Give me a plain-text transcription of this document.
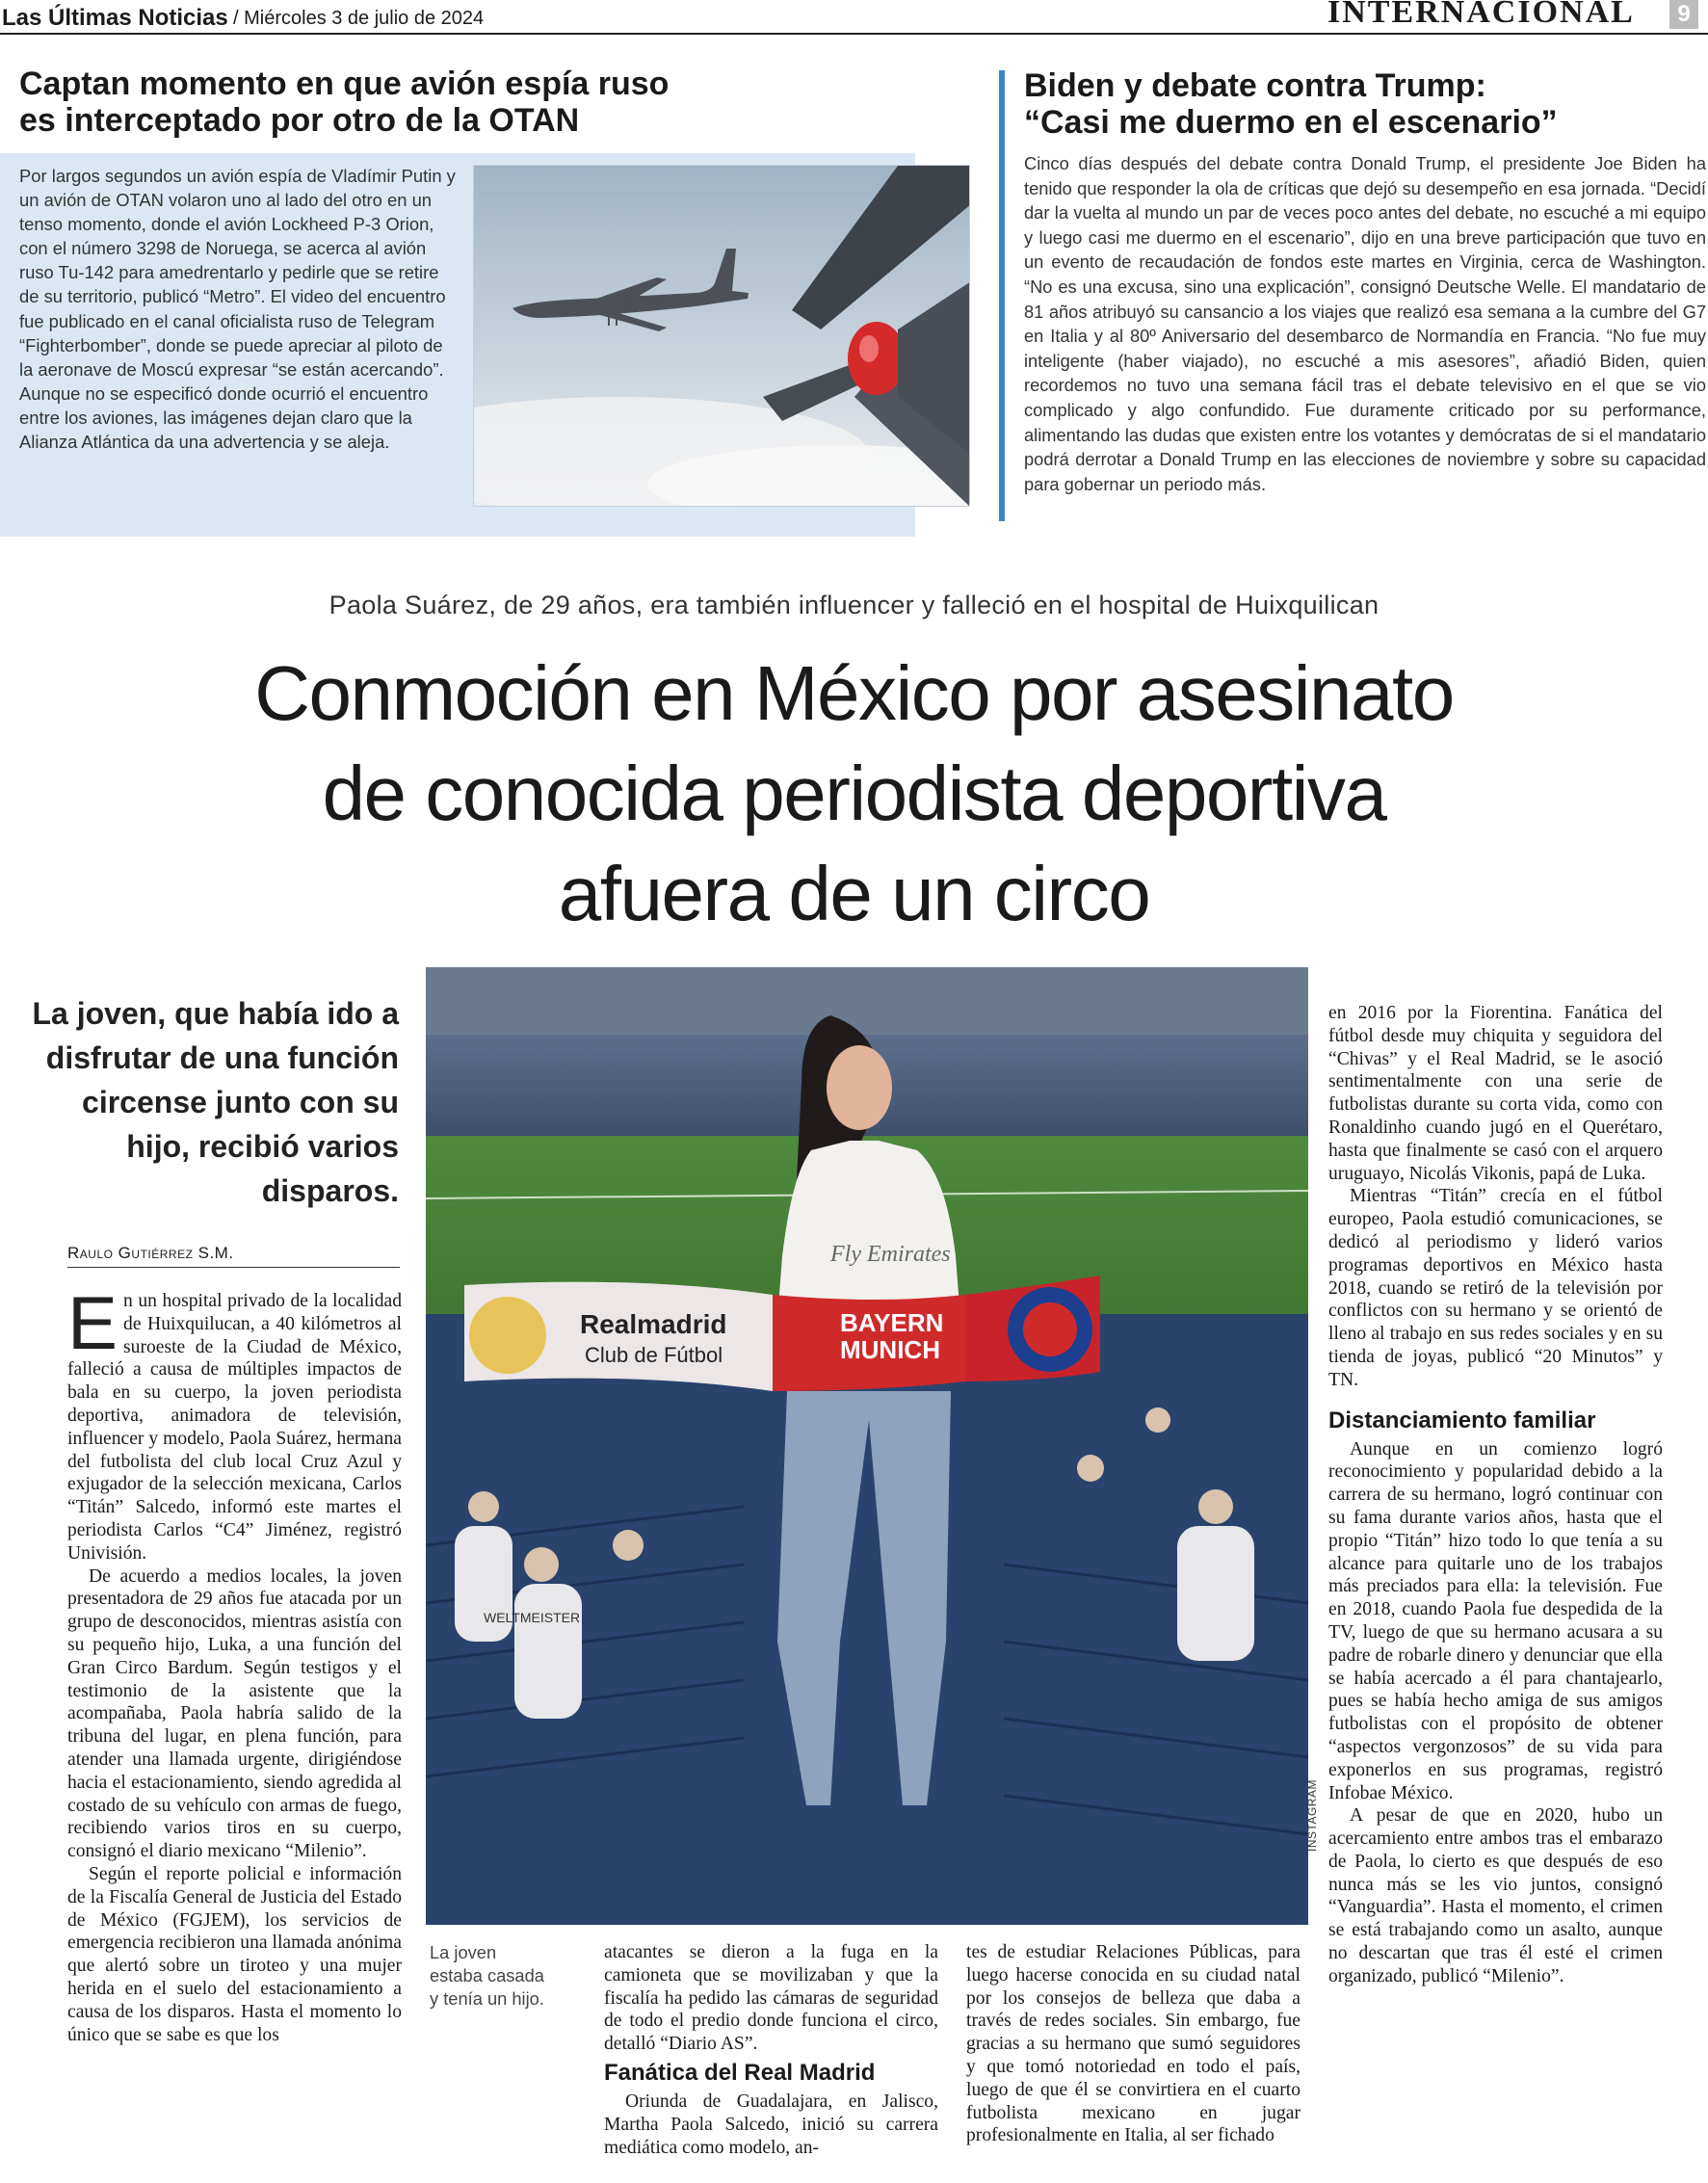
Las Últimas Noticias / Miércoles 3 de julio de 2024	INTERNACIONAL	9
Captan momento en que avión espía ruso
es interceptado por otro de la OTAN
Por largos segundos un avión espía de Vladímir Putin y un avión de OTAN volaron uno al lado del otro en un tenso momento, donde el avión Lockheed P-3 Orion, con el número 3298 de Noruega, se acerca al avión ruso Tu-142 para amedrentarlo y pedirle que se retire de su territorio, publicó “Metro”. El video del encuentro fue publicado en el canal oficialista ruso de Telegram “Fighterbomber”, donde se puede apreciar al piloto de la aeronave de Moscú expresar “se están acercando”. Aunque no se especificó donde ocurrió el encuentro entre los aviones, las imágenes dejan claro que la Alianza Atlántica da una advertencia y se aleja.
Biden y debate contra Trump:
“Casi me duermo en el escenario”
Cinco días después del debate contra Donald Trump, el presidente Joe Biden ha tenido que responder la ola de críticas que dejó su desempeño en esa jornada. “Decidí dar la vuelta al mundo un par de veces poco antes del debate, no escuché a mi equipo y luego casi me duermo en el escenario”, dijo en una breve participación que tuvo en un evento de recaudación de fondos este martes en Virginia, cerca de Washington. “No es una excusa, sino una explicación”, consignó Deutsche Welle. El mandatario de 81 años atribuyó su cansancio a los viajes que realizó esa semana a la cumbre del G7 en Italia y al 80º Aniversario del desembarco de Normandía en Francia. “No fue muy inteligente (haber viajado), no escuché a mis asesores”, añadió Biden, quien recordemos no tuvo una semana fácil tras el debate televisivo en el que se vio complicado y algo confundido. Fue duramente criticado por su performance, alimentando las dudas que existen entre los votantes y demócratas de si el mandatario podrá derrotar a Donald Trump en las elecciones de noviembre y sobre su capacidad para gobernar un periodo más.
Paola Suárez, de 29 años, era también influencer y falleció en el hospital de Huixquilican
Conmoción en México por asesinato
de conocida periodista deportiva
afuera de un circo
La joven, que había ido a disfrutar de una función circense junto con su hijo, recibió varios disparos.
Raulo Gutiérrez S.M.

En un hospital privado de la localidad de Huixquilucan, a 40 kilómetros al suroeste de la Ciudad de México, falleció a causa de múltiples impactos de bala en su cuerpo, la joven periodista deportiva, animadora de televisión, influencer y modelo, Paola Suárez, hermana del futbolista del club local Cruz Azul y exjugador de la selección mexicana, Carlos “Titán” Salcedo, informó este martes el periodista Carlos “C4” Jiménez, registró Univisión.

De acuerdo a medios locales, la joven presentadora de 29 años fue atacada por un grupo de desconocidos, mientras asistía con su pequeño hijo, Luka, a una función del Gran Circo Bardum. Según testigos y el testimonio de la asistente que la acompañaba, Paola habría salido de la tribuna del lugar, en plena función, para atender una llamada urgente, dirigiéndose hacia el estacionamiento, siendo agredida al costado de su vehículo con armas de fuego, recibiendo varios tiros en su cuerpo, consignó el diario mexicano “Milenio”.

Según el reporte policial e información de la Fiscalía General de Justicia del Estado de México (FGJEM), los servicios de emergencia recibieron una llamada anónima que alertó sobre un tiroteo y una mujer herida en el suelo del estacionamiento a causa de los disparos. Hasta el momento lo único que se sabe es que los

Realmadrid
Club de Fútbol
BAYERN
MUNICH
Fly Emirates
WELTMEISTER
INSTAGRAM
La joven estaba casada y tenía un hijo.

atacantes se dieron a la fuga en la camioneta que se movilizaban y que la fiscalía ha pedido las cámaras de seguridad de todo el predio donde funciona el circo, detalló “Diario AS”.

Fanática del Real Madrid

Oriunda de Guadalajara, en Jalisco, Martha Paola Salcedo, inició su carrera mediática como modelo, an-

tes de estudiar Relaciones Públicas, para luego hacerse conocida en su ciudad natal por los consejos de belleza que daba a través de redes sociales. Sin embargo, fue gracias a su hermano que sumó seguidores y que tomó notoriedad en todo el país, luego de que él se convirtiera en el cuarto futbolista mexicano en jugar profesionalmente en Italia, al ser fichado

en 2016 por la Fiorentina. Fanática del fútbol desde muy chiquita y seguidora del “Chivas” y el Real Madrid, se le asoció sentimentalmente con una serie de futbolistas durante su corta vida, como con Ronaldinho cuando jugó en el Querétaro, hasta que finalmente se casó con el arquero uruguayo, Nicolás Vikonis, papá de Luka.

Mientras “Titán” crecía en el fútbol europeo, Paola estudió comunicaciones, se dedicó al periodismo y lideró varios programas deportivos en México hasta 2018, cuando se retiró de la televisión por conflictos con su hermano y se orientó de lleno al trabajo en sus redes sociales y en su tienda de joyas, publicó “20 Minutos” y TN.

Distanciamiento familiar

Aunque en un comienzo logró reconocimiento y popularidad debido a la carrera de su hermano, logró continuar con su fama durante varios años, hasta que el propio “Titán” hizo todo lo que tenía a su alcance para quitarle uno de los trabajos más preciados para ella: la televisión. Fue en 2018, cuando Paola fue despedida de la TV, luego de que su hermano acusara a su padre de robarle dinero y denunciar que ella se había acercado a él para chantajearlo, pues se había hecho amiga de sus amigos futbolistas con el propósito de obtener “aspectos vergonzosos” de su vida para exponerlos en sus programas, registró Infobae México.

A pesar de que en 2020, hubo un acercamiento entre ambos tras el embarazo de Paola, lo cierto es que después de eso nunca más se les vio juntos, consignó “Vanguardia”. Hasta el momento, el crimen se está trabajando como un asalto, aunque no descartan que tras él esté el crimen organizado, publicó “Milenio”.
